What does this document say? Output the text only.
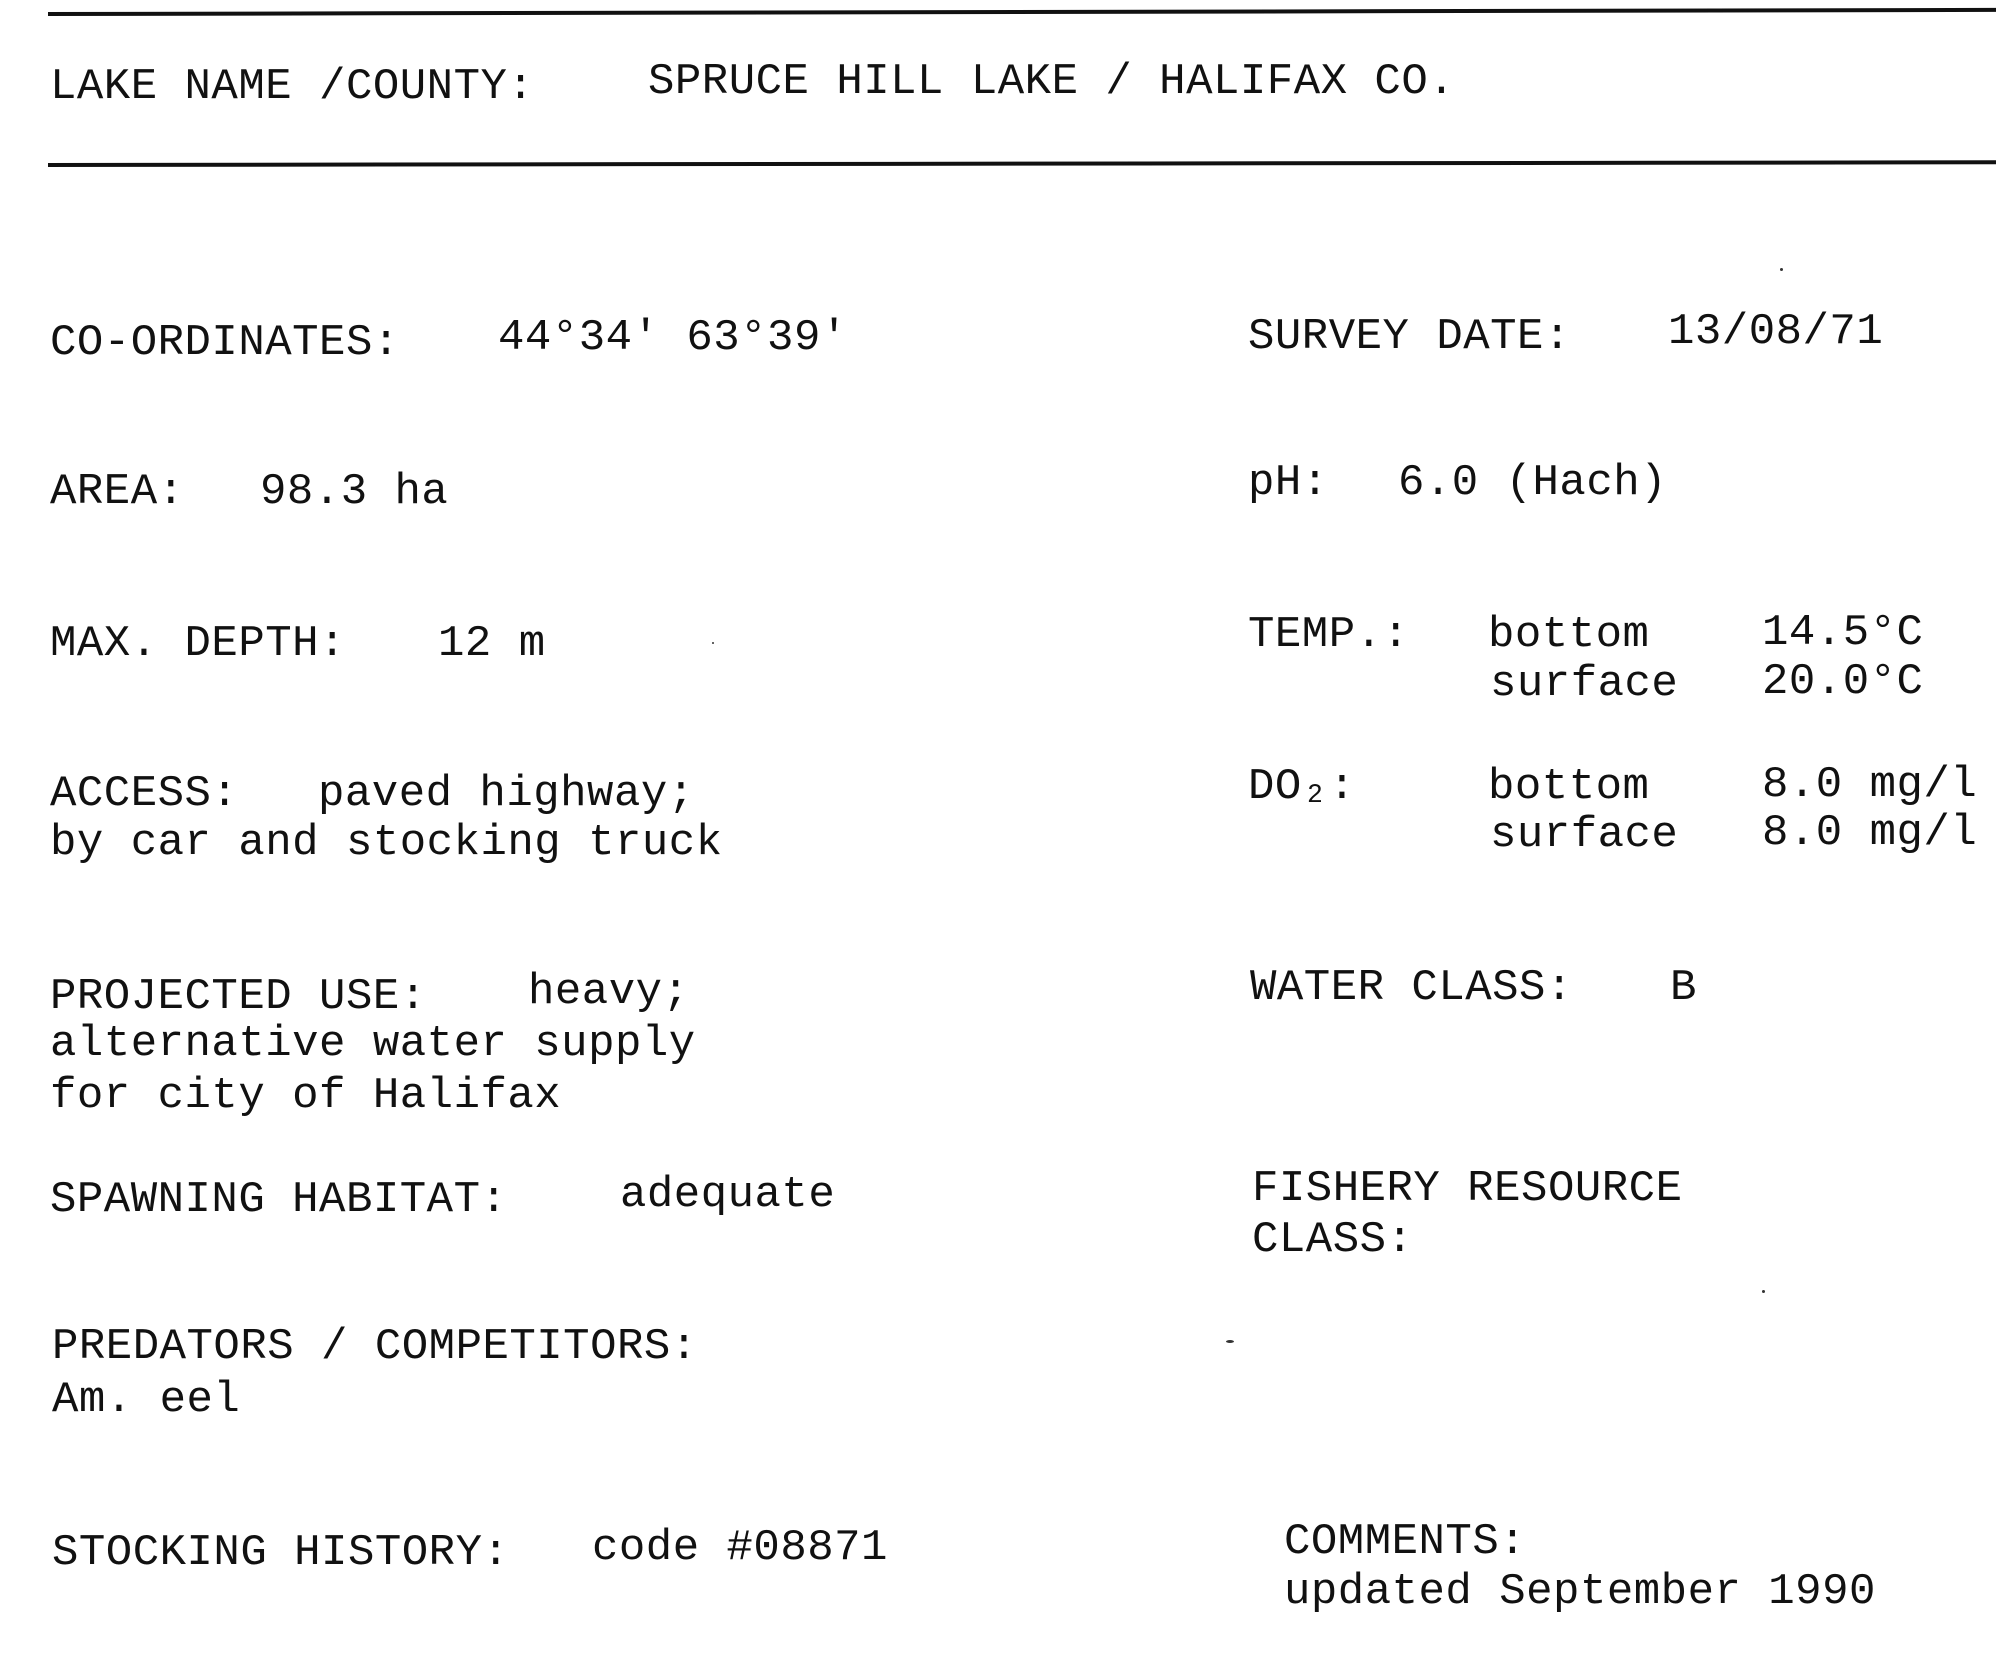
LAKE NAME /COUNTY:	SPRUCE HILL LAKE / HALIFAX CO.
CO-ORDINATES: 44°34' 63°39'
AREA: 98.3 ha
MAX. DEPTH: 12 m
ACCESS: paved highway;
by car and stocking truck
PROJECTED USE: heavy;
alternative water supply
for city of Halifax
SPAWNING HABITAT:	adequate
PREDATORS / COMPETITORS:
Am. eel
STOCKING HISTORY: code #08871
SURVEY DATE: 13/08/71
pH: 6.0 (Hach)
TEMP.: bottom	14.5°C
surface 20.0°C
DO₂:	bottom	8.0 mg/l
surface 8.0 mg/l
WATER CLASS: B
FISHERY RESOURCE
CLASS:
COMMENTS:
updated September 1990
